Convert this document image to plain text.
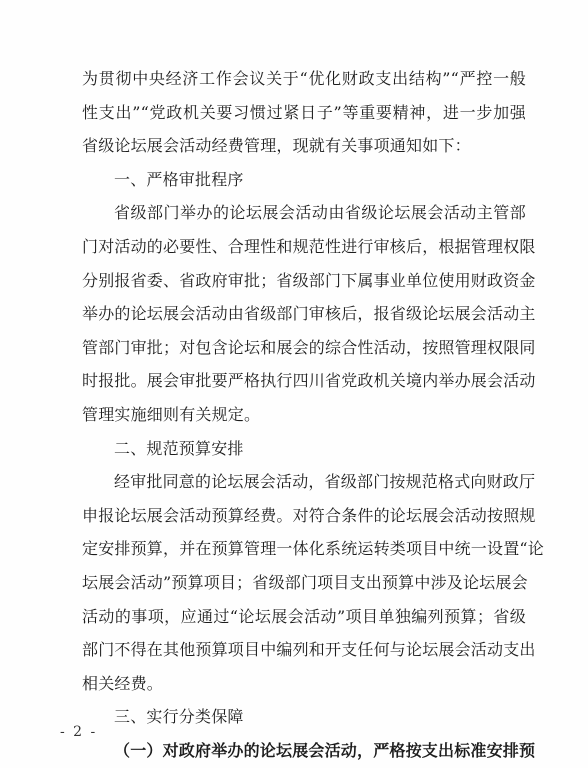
为贯彻中央经济工作会议关于“优化财政支出结构”“严控一般
性支出”“党政机关要习惯过紧日子”等重要精神，进一步加强
省级论坛展会活动经费管理，现就有关事项通知如下：
一、严格审批程序
省级部门举办的论坛展会活动由省级论坛展会活动主管部
门对活动的必要性、合理性和规范性进行审核后，根据管理权限
分别报省委、省政府审批；省级部门下属事业单位使用财政资金
举办的论坛展会活动由省级部门审核后，报省级论坛展会活动主
管部门审批；对包含论坛和展会的综合性活动，按照管理权限同
时报批。展会审批要严格执行四川省党政机关境内举办展会活动
管理实施细则有关规定。
二、规范预算安排
经审批同意的论坛展会活动，省级部门按规范格式向财政厅
申报论坛展会活动预算经费。对符合条件的论坛展会活动按照规
定安排预算，并在预算管理一体化系统运转类项目中统一设置“论
坛展会活动”预算项目；省级部门项目支出预算中涉及论坛展会
活动的事项，应通过“论坛展会活动”项目单独编列预算；省级
部门不得在其他预算项目中编列和开支任何与论坛展会活动支出
相关经费。
三、实行分类保障
（一）对政府举办的论坛展会活动，严格按支出标准安排预
- 2 -
